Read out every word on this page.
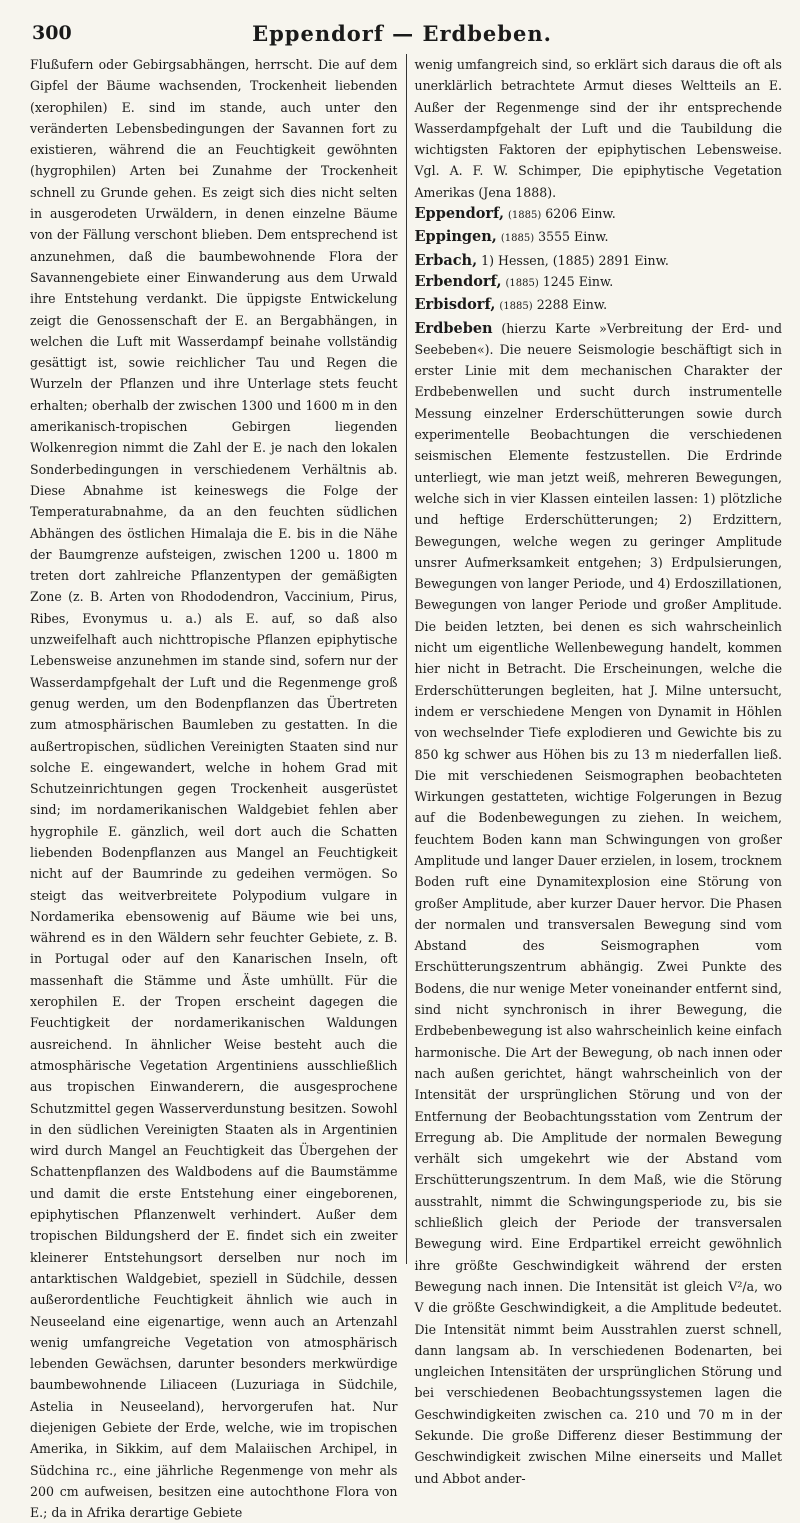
300	Eppendorf — Erdbeben.

Flußufern oder Gebirgsabhängen, herrscht. Die auf dem Gipfel der Bäume wachsenden, Trockenheit liebenden (xerophilen) E. sind im stande, auch unter den veränderten Lebensbedingungen der Savannen fort zu existieren, während die an Feuchtigkeit gewöhnten (hygrophilen) Arten bei Zunahme der Trockenheit schnell zu Grunde gehen. Es zeigt sich dies nicht selten in ausgerodeten Urwäldern, in denen einzelne Bäume von der Fällung verschont blieben. Dem entsprechend ist anzunehmen, daß die baumbewohnende Flora der Savannengebiete einer Einwanderung aus dem Urwald ihre Entstehung verdankt. Die üppigste Entwickelung zeigt die Genossenschaft der E. an Bergabhängen, in welchen die Luft mit Wasserdampf beinahe vollständig gesättigt ist, sowie reichlicher Tau und Regen die Wurzeln der Pflanzen und ihre Unterlage stets feucht erhalten; oberhalb der zwischen 1300 und 1600 m in den amerikanisch-tropischen Gebirgen liegenden Wolkenregion nimmt die Zahl der E. je nach den lokalen Sonderbedingungen in verschiedenem Verhältnis ab. Diese Abnahme ist keineswegs die Folge der Temperaturabnahme, da an den feuchten südlichen Abhängen des östlichen Himalaja die E. bis in die Nähe der Baumgrenze aufsteigen, zwischen 1200 u. 1800 m treten dort zahlreiche Pflanzentypen der gemäßigten Zone (z. B. Arten von Rhododendron, Vaccinium, Pirus, Ribes, Evonymus u. a.) als E. auf, so daß also unzweifelhaft auch nichttropische Pflanzen epiphytische Lebensweise anzunehmen im stande sind, sofern nur der Wasserdampfgehalt der Luft und die Regenmenge groß genug werden, um den Bodenpflanzen das Übertreten zum atmosphärischen Baumleben zu gestatten. In die außertropischen, südlichen Vereinigten Staaten sind nur solche E. eingewandert, welche in hohem Grad mit Schutzeinrichtungen gegen Trockenheit ausgerüstet sind; im nordamerikanischen Waldgebiet fehlen aber hygrophile E. gänzlich, weil dort auch die Schatten liebenden Bodenpflanzen aus Mangel an Feuchtigkeit nicht auf der Baumrinde zu gedeihen vermögen. So steigt das weitverbreitete Polypodium vulgare in Nordamerika ebensowenig auf Bäume wie bei uns, während es in den Wäldern sehr feuchter Gebiete, z. B. in Portugal oder auf den Kanarischen Inseln, oft massenhaft die Stämme und Äste umhüllt. Für die xerophilen E. der Tropen erscheint dagegen die Feuchtigkeit der nordamerikanischen Waldungen ausreichend. In ähnlicher Weise besteht auch die atmosphärische Vegetation Argentiniens ausschließlich aus tropischen Einwanderern, die ausgesprochene Schutzmittel gegen Wasserverdunstung besitzen. Sowohl in den südlichen Vereinigten Staaten als in Argentinien wird durch Mangel an Feuchtigkeit das Übergehen der Schattenpflanzen des Waldbodens auf die Baumstämme und damit die erste Entstehung einer eingeborenen, epiphytischen Pflanzenwelt verhindert. Außer dem tropischen Bildungsherd der E. findet sich ein zweiter kleinerer Entstehungsort derselben nur noch im antarktischen Waldgebiet, speziell in Südchile, dessen außerordentliche Feuchtigkeit ähnlich wie auch in Neuseeland eine eigenartige, wenn auch an Artenzahl wenig umfangreiche Vegetation von atmosphärisch lebenden Gewächsen, darunter besonders merkwürdige baumbewohnende Liliaceen (Luzuriaga in Südchile, Astelia in Neuseeland), hervorgerufen hat. Nur diejenigen Gebiete der Erde, welche, wie im tropischen Amerika, in Sikkim, auf dem Malaiischen Archipel, in Südchina rc., eine jährliche Regenmenge von mehr als 200 cm aufweisen, besitzen eine autochthone Flora von E.; da in Afrika derartige Gebiete

wenig umfangreich sind, so erklärt sich daraus die oft als unerklärlich betrachtete Armut dieses Weltteils an E. Außer der Regenmenge sind der ihr entsprechende Wasserdampfgehalt der Luft und die Taubildung die wichtigsten Faktoren der epiphytischen Lebensweise. Vgl. A. F. W. Schimper, Die epiphytische Vegetation Amerikas (Jena 1888).

Eppendorf, (1885) 6206 Einw.

Eppingen, (1885) 3555 Einw.

Erbach, 1) Hessen, (1885) 2891 Einw.

Erbendorf, (1885) 1245 Einw.

Erbisdorf, (1885) 2288 Einw.

Erdbeben (hierzu Karte »Verbreitung der Erd- und Seebeben«). Die neuere Seismologie beschäftigt sich in erster Linie mit dem mechanischen Charakter der Erdbebenwellen und sucht durch instrumentelle Messung einzelner Erderschütterungen sowie durch experimentelle Beobachtungen die verschiedenen seismischen Elemente festzustellen. Die Erdrinde unterliegt, wie man jetzt weiß, mehreren Bewegungen, welche sich in vier Klassen einteilen lassen: 1) plötzliche und heftige Erderschütterungen; 2) Erdzittern, Bewegungen, welche wegen zu geringer Amplitude unsrer Aufmerksamkeit entgehen; 3) Erdpulsierungen, Bewegungen von langer Periode, und 4) Erdoszillationen, Bewegungen von langer Periode und großer Amplitude. Die beiden letzten, bei denen es sich wahrscheinlich nicht um eigentliche Wellenbewegung handelt, kommen hier nicht in Betracht. Die Erscheinungen, welche die Erderschütterungen begleiten, hat J. Milne untersucht, indem er verschiedene Mengen von Dynamit in Höhlen von wechselnder Tiefe explodieren und Gewichte bis zu 850 kg schwer aus Höhen bis zu 13 m niederfallen ließ. Die mit verschiedenen Seismographen beobachteten Wirkungen gestatteten, wichtige Folgerungen in Bezug auf die Bodenbewegungen zu ziehen. In weichem, feuchtem Boden kann man Schwingungen von großer Amplitude und langer Dauer erzielen, in losem, trocknem Boden ruft eine Dynamitexplosion eine Störung von großer Amplitude, aber kurzer Dauer hervor. Die Phasen der normalen und transversalen Bewegung sind vom Abstand des Seismographen vom Erschütterungszentrum abhängig. Zwei Punkte des Bodens, die nur wenige Meter voneinander entfernt sind, sind nicht synchronisch in ihrer Bewegung, die Erdbebenbewegung ist also wahrscheinlich keine einfach harmonische. Die Art der Bewegung, ob nach innen oder nach außen gerichtet, hängt wahrscheinlich von der Intensität der ursprünglichen Störung und von der Entfernung der Beobachtungsstation vom Zentrum der Erregung ab. Die Amplitude der normalen Bewegung verhält sich umgekehrt wie der Abstand vom Erschütterungszentrum. In dem Maß, wie die Störung ausstrahlt, nimmt die Schwingungsperiode zu, bis sie schließlich gleich der Periode der transversalen Bewegung wird. Eine Erdpartikel erreicht gewöhnlich ihre größte Geschwindigkeit während der ersten Bewegung nach innen. Die Intensität ist gleich V²/a, wo V die größte Geschwindigkeit, a die Amplitude bedeutet. Die Intensität nimmt beim Ausstrahlen zuerst schnell, dann langsam ab. In verschiedenen Bodenarten, bei ungleichen Intensitäten der ursprünglichen Störung und bei verschiedenen Beobachtungssystemen lagen die Geschwindigkeiten zwischen ca. 210 und 70 m in der Sekunde. Die große Differenz dieser Bestimmung der Geschwindigkeit zwischen Milne einerseits und Mallet und Abbot ander-
